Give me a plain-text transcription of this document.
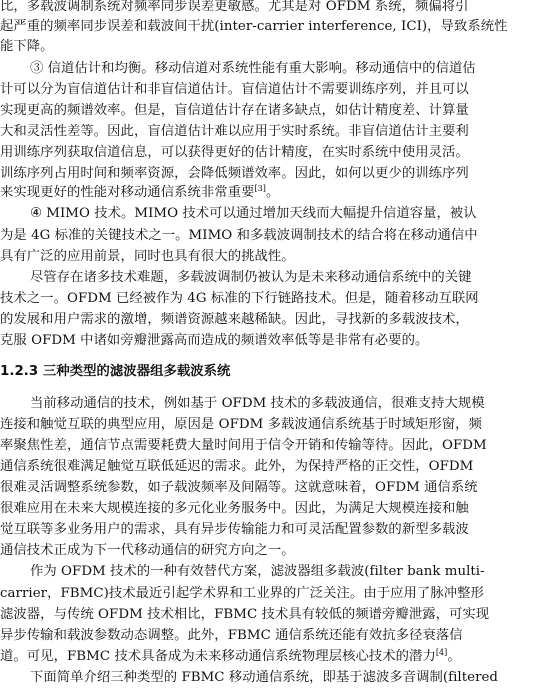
比，多载波调制系统对频率同步误差更敏感。尤其是对 OFDM 系统，频偏将引
起严重的频率同步误差和载波间干扰(inter-carrier interference, ICI)，导致系统性
能下降。
③ 信道估计和均衡。移动信道对系统性能有重大影响。移动通信中的信道估
计可以分为盲信道估计和非盲信道估计。盲信道估计不需要训练序列，并且可以
实现更高的频谱效率。但是，盲信道估计存在诸多缺点，如估计精度差、计算量
大和灵活性差等。因此，盲信道估计难以应用于实时系统。非盲信道估计主要利
用训练序列获取信道信息，可以获得更好的估计精度，在实时系统中使用灵活。
训练序列占用时间和频率资源，会降低频谱效率。因此，如何以更少的训练序列
来实现更好的性能对移动通信系统非常重要[3]。
④ MIMO 技术。MIMO 技术可以通过增加天线而大幅提升信道容量，被认
为是 4G 标准的关键技术之一。MIMO 和多载波调制技术的结合将在移动通信中
具有广泛的应用前景，同时也具有很大的挑战性。
尽管存在诸多技术难题，多载波调制仍被认为是未来移动通信系统中的关键
技术之一。OFDM 已经被作为 4G 标准的下行链路技术。但是，随着移动互联网
的发展和用户需求的激增，频谱资源越来越稀缺。因此，寻找新的多载波技术，
克服 OFDM 中诸如旁瓣泄露高而造成的频谱效率低等是非常有必要的。
1.2.3 三种类型的滤波器组多载波系统
当前移动通信的技术，例如基于 OFDM 技术的多载波通信，很难支持大规模
连接和触觉互联的典型应用，原因是 OFDM 多载波通信系统基于时域矩形窗，频
率聚焦性差，通信节点需要耗费大量时间用于信令开销和传输等待。因此，OFDM
通信系统很难满足触觉互联低延迟的需求。此外，为保持严格的正交性，OFDM
很难灵活调整系统参数，如子载波频率及间隔等。这就意味着，OFDM 通信系统
很难应用在未来大规模连接的多元化业务服务中。因此，为满足大规模连接和触
觉互联等多业务用户的需求，具有异步传输能力和可灵活配置参数的新型多载波
通信技术正成为下一代移动通信的研究方向之一。
作为 OFDM 技术的一种有效替代方案，滤波器组多载波(filter bank multi-
carrier，FBMC)技术最近引起学术界和工业界的广泛关注。由于应用了脉冲整形
滤波器，与传统 OFDM 技术相比，FBMC 技术具有较低的频谱旁瓣泄露，可实现
异步传输和载波参数动态调整。此外，FBMC 通信系统还能有效抗多径衰落信
道。可见，FBMC 技术具备成为未来移动通信系统物理层核心技术的潜力[4]。
下面简单介绍三种类型的 FBMC 移动通信系统，即基于滤波多音调制(filtered
